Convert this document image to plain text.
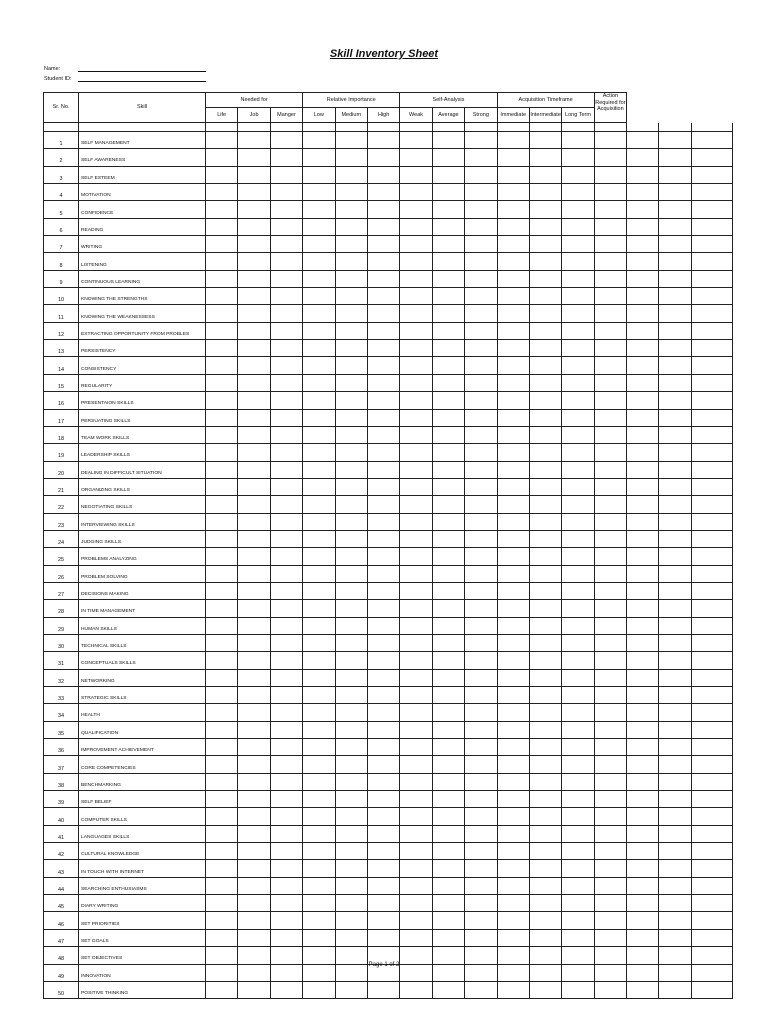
Skill Inventory Sheet
Name:
Student ID:
Sr. No.	Skill	Needed for			Relative Importance			Self-Analysis			Acquisition Timeframe			Action Required for Acquisition			
		Life	Job	Manger	Low	Medium	High	Weak	Average	Strong	Immediate	Intermediate	Long Term				

1	SELF MANAGEMENT																
2	SELF AWARENESS																
3	SELF ESTEEM																
4	MOTIVATION																
5	CONFIDENCE																
6	READING																
7	WRITING																
8	LISTENING																
9	CONTINUOUS LEARNING																
10	KNOWING THE STRENGTHS																
11	KNOWING THE WEAKNESSESS																
12	EXTRACTING OPPORTUNITY FROM PROBLES																
13	PERSISTENCY																
14	CONSISTENCY																
15	REGULARITY																
16	PRESENTAION SKILLS																
17	PERSUATING SKILLS																
18	TEAM WORK SKILLS																
19	LEADERSHIP SKILLS																
20	DEALING IN DIFFICULT SITUATION																
21	ORGANIZING SKILLS																
22	NEGOTIATING SKILLS																
23	INTERVIEWING SKILLS																
24	JUDGING SKILLS																
25	PROBLEMS ANALYZING																
26	PROBLEM SOLVING																
27	DECISIONS MAKING																
28	IN TIME MANAGEMENT																
29	HUMAN SKILLS																
30	TECHNICAL SKILLS																
31	CONCEPTUALS SKILLS																
32	NETWORKING																
33	STRATEGIC SKILLS																
34	HEALTH																
35	QUALIFICATION																
36	IMPROVEMENT ACHIEVEMENT																
37	CORE COMPETENCIES																
38	BENCHMARKING																
39	SELF BELIEF																
40	COMPUTER SKILLS																
41	LANGUAGES SKILLS																
42	CULTURAL KNOWLEDGE																
43	IN TOUCH WITH INTERNET																
44	SEARCHING ENTHUSIASMS																
45	DIARY WRITING																
46	SET PRIORITIES																
47	SET GOALS																
48	SET OBJECTIVES																
49	INNOVATION																
50	POSITIVE THINKING																
Page 1 of 2
